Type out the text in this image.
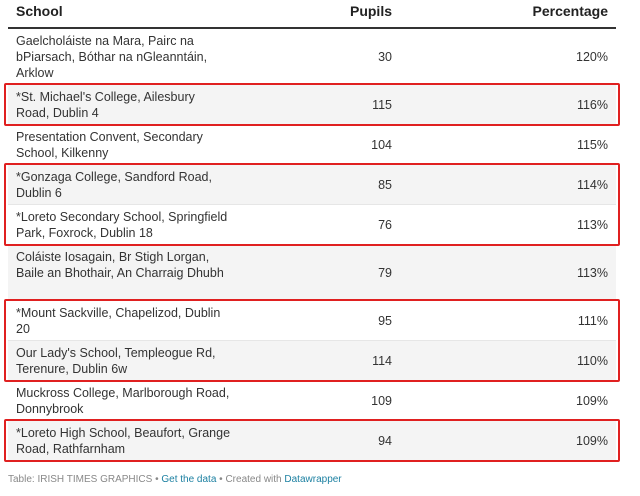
School	Pupils	Percentage
Gaelcholáiste na Mara, Pairc na bPiarsach, Bóthar na nGleanntáin, Arklow
30	120%
*St. Michael's College, Ailesbury Road, Dublin 4
115	116%
Presentation Convent, Secondary School, Kilkenny
104	115%
*Gonzaga College, Sandford Road, Dublin 6
85	114%
*Loreto Secondary School, Springfield Park, Foxrock, Dublin 18
76	113%
Coláiste Iosagain, Br Stigh Lorgan, Baile an Bhothair, An Charraig Dhubh	79	113%
*Mount Sackville, Chapelizod, Dublin 20
95	111%
Our Lady's School, Templeogue Rd, Terenure, Dublin 6w
114	110%
Muckross College, Marlborough Road, Donnybrook
109	109%
*Loreto High School, Beaufort, Grange Road, Rathfarnham
94	109%
Table: IRISH TIMES GRAPHICS • Get the data • Created with Datawrapper
